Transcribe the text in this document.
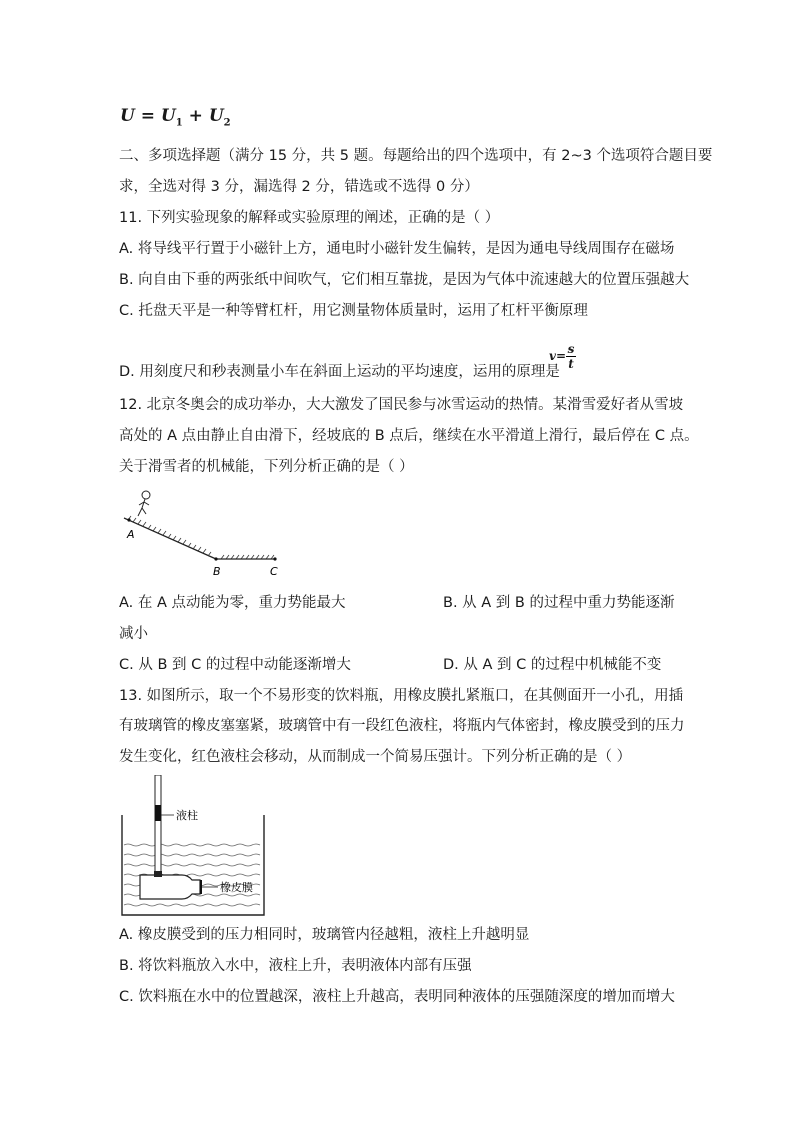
$U = U_1 + U_2$
二、多项选择题（满分 15 分，共 5 题。每题给出的四个选项中，有 2~3 个选项符合题目要
求，全选对得 3 分，漏选得 2 分，错选或不选得 0 分）
11. 下列实验现象的解释或实验原理的阐述，正确的是（ ）
A. 将导线平行置于小磁针上方，通电时小磁针发生偏转，是因为通电导线周围存在磁场
B. 向自由下垂的两张纸中间吹气，它们相互靠拢，是因为气体中流速越大的位置压强越大
C. 托盘天平是一种等臂杠杆，用它测量物体质量时，运用了杠杆平衡原理
D. 用刻度尺和秒表测量小车在斜面上运动的平均速度，运用的原理是
$v= \frac{s}{t}$
12. 北京冬奥会的成功举办，大大激发了国民参与冰雪运动的热情。某滑雪爱好者从雪坡
高处的 A 点由静止自由滑下，经坡底的 B 点后，继续在水平滑道上滑行，最后停在 C 点。
关于滑雪者的机械能，下列分析正确的是（ ）
A
B	C
A. 在 A 点动能为零，重力势能最大	B. 从 A 到 B 的过程中重力势能逐渐
减小
C. 从 B 到 C 的过程中动能逐渐增大	D. 从 A 到 C 的过程中机械能不变
13. 如图所示，取一个不易形变的饮料瓶，用橡皮膜扎紧瓶口，在其侧面开一小孔，用插
有玻璃管的橡皮塞塞紧，玻璃管中有一段红色液柱，将瓶内气体密封，橡皮膜受到的压力
发生变化，红色液柱会移动，从而制成一个简易压强计。下列分析正确的是（ ）
液柱
橡皮膜
A. 橡皮膜受到的压力相同时，玻璃管内径越粗，液柱上升越明显
B. 将饮料瓶放入水中，液柱上升，表明液体内部有压强
C. 饮料瓶在水中的位置越深，液柱上升越高，表明同种液体的压强随深度的增加而增大
